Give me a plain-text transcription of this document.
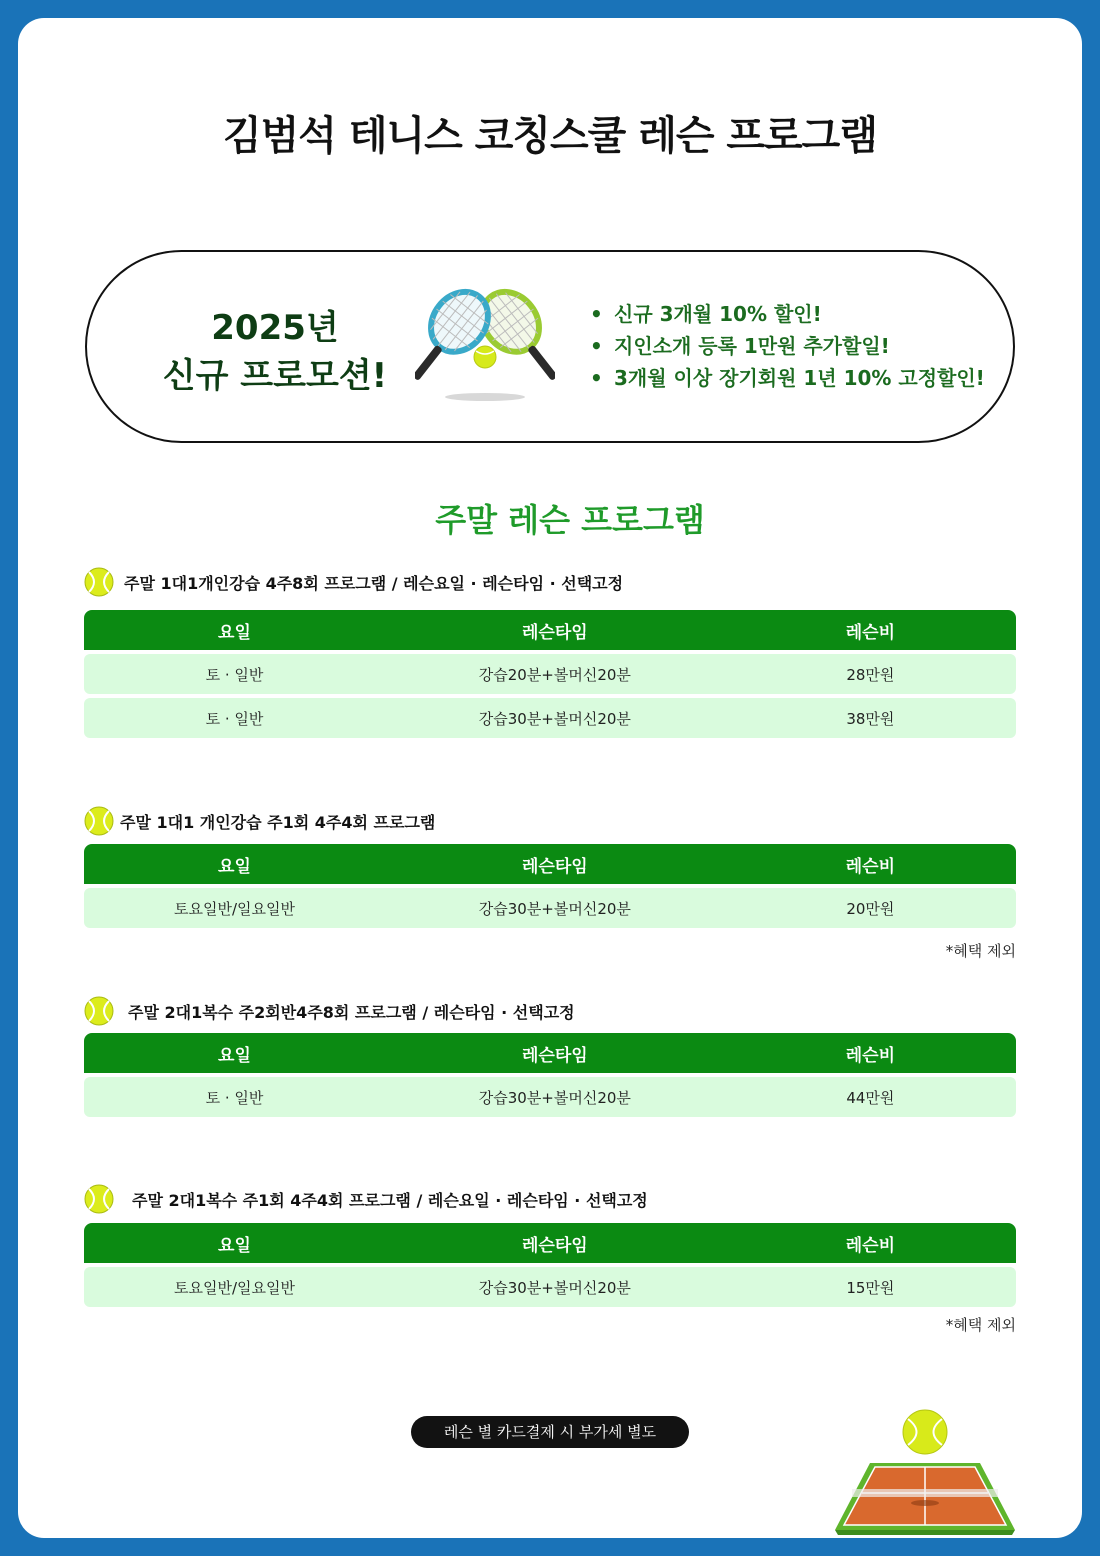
김범석 테니스 코칭스쿨 레슨 프로그램
2025년
신규 프로모션!
• 신규 3개월 10% 할인!
• 지인소개 등록 1만원 추가할일!
• 3개월 이상 장기회원 1년 10% 고정할인!
주말 레슨 프로그램
주말 1대1개인강습 4주8회 프로그램 / 레슨요일 · 레슨타임 · 선택고정
요일	레슨타임	레슨비
토 · 일반	강습20분+볼머신20분	28만원
토 · 일반	강습30분+볼머신20분	38만원
주말 1대1 개인강습 주1회 4주4회 프로그램
요일	레슨타임	레슨비
토요일반/일요일반	강습30분+볼머신20분	20만원
*혜택 제외
주말 2대1복수 주2회반4주8회 프로그램 / 레슨타임 · 선택고정
요일	레슨타임	레슨비
토 · 일반	강습30분+볼머신20분	44만원
주말 2대1복수 주1회 4주4회 프로그램 / 레슨요일 · 레슨타임 · 선택고정
요일	레슨타임	레슨비
토요일반/일요일반	강습30분+볼머신20분	15만원
*혜택 제외
레슨 별 카드결제 시 부가세 별도
